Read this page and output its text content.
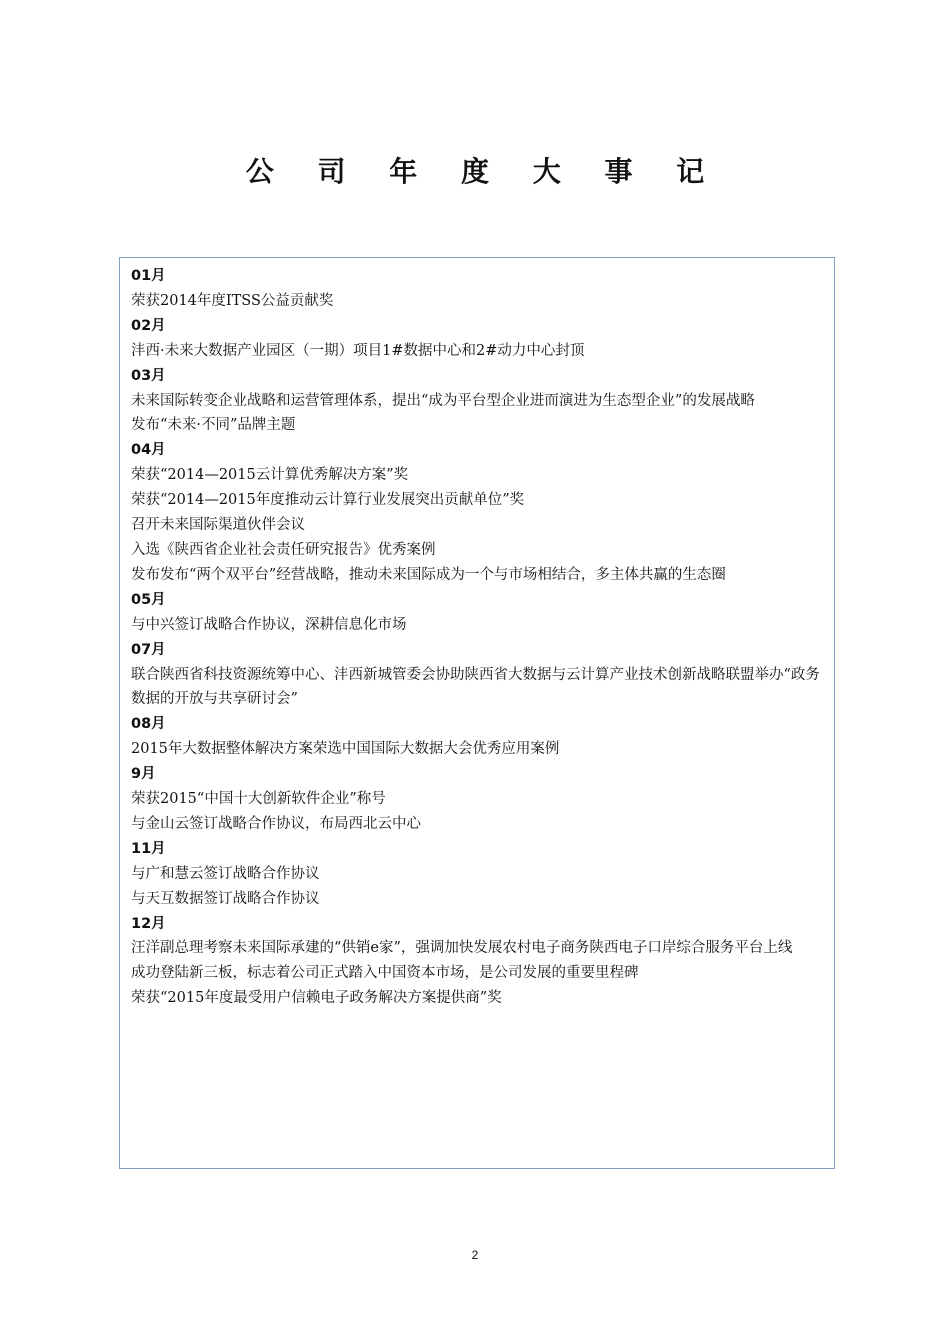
公 司 年 度 大 事 记
01月
荣获2014年度ITSS公益贡献奖
02月
沣西·未来大数据产业园区（一期）项目1#数据中心和2#动力中心封顶
03月
未来国际转变企业战略和运营管理体系，提出“成为平台型企业进而演进为生态型企业”的发展战略
发布“未来·不同”品牌主题
04月
荣获“2014—2015云计算优秀解决方案”奖
荣获“2014—2015年度推动云计算行业发展突出贡献单位”奖
召开未来国际渠道伙伴会议
入选《陕西省企业社会责任研究报告》优秀案例
发布发布“两个双平台”经营战略，推动未来国际成为一个与市场相结合，多主体共赢的生态圈
05月
与中兴签订战略合作协议，深耕信息化市场
07月
联合陕西省科技资源统筹中心、沣西新城管委会协助陕西省大数据与云计算产业技术创新战略联盟举办“政务数据的开放与共享研讨会”
08月
2015年大数据整体解决方案荣选中国国际大数据大会优秀应用案例
9月
荣获2015“中国十大创新软件企业”称号
与金山云签订战略合作协议，布局西北云中心
11月
与广和慧云签订战略合作协议
与天互数据签订战略合作协议
12月
汪洋副总理考察未来国际承建的“供销e家”，强调加快发展农村电子商务陕西电子口岸综合服务平台上线
成功登陆新三板，标志着公司正式踏入中国资本市场，是公司发展的重要里程碑
荣获“2015年度最受用户信赖电子政务解决方案提供商”奖
2
